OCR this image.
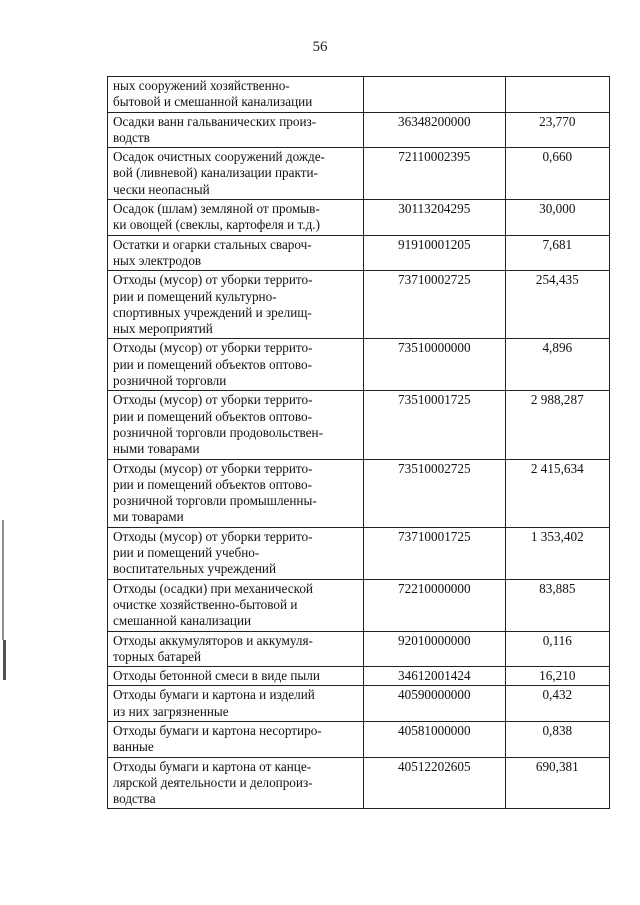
56
ных сооружений хозяйственно-
бытовой и смешанной канализации		

Осадки ванн гальванических произ-
водств	36348200000	23,770

Осадок очистных сооружений дожде-
вой (ливневой) канализации практи-
чески неопасный	72110002395	0,660

Осадок (шлам) земляной от промыв-
ки овощей (свеклы, картофеля и т.д.)	30113204295	30,000

Остатки и огарки стальных свароч-
ных электродов	91910001205	7,681

Отходы (мусор) от уборки террито-
рии и помещений культурно-
спортивных учреждений и зрелищ-
ных мероприятий	73710002725	254,435

Отходы (мусор) от уборки террито-
рии и помещений объектов оптово-
розничной торговли	73510000000	4,896

Отходы (мусор) от уборки террито-
рии и помещений объектов оптово-
розничной торговли продовольствен-
ными товарами	73510001725	2 988,287

Отходы (мусор) от уборки террито-
рии и помещений объектов оптово-
розничной торговли промышленны-
ми товарами	73510002725	2 415,634

Отходы (мусор) от уборки террито-
рии и помещений учебно-
воспитательных учреждений	73710001725	1 353,402

Отходы (осадки) при механической
очистке хозяйственно-бытовой и
смешанной канализации	72210000000	83,885

Отходы аккумуляторов и аккумуля-
торных батарей	92010000000	0,116

Отходы бетонной смеси в виде пыли	34612001424	16,210

Отходы бумаги и картона и изделий
из них загрязненные	40590000000	0,432

Отходы бумаги и картона несортиро-
ванные	40581000000	0,838

Отходы бумаги и картона от канце-
лярской деятельности и делопроиз-
водства	40512202605	690,381
